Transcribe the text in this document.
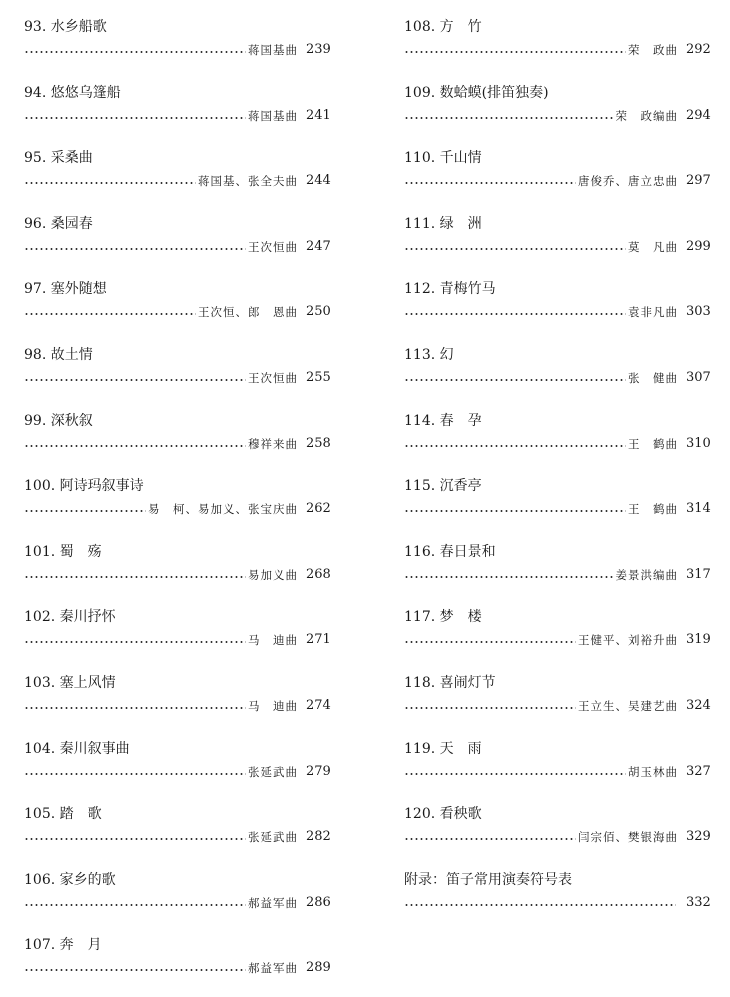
93. 水乡船歌
蒋国基曲 239
94. 悠悠乌篷船
蒋国基曲 241
95. 采桑曲
蒋国基、张全夫曲 244
96. 桑园春
王次恒曲 247
97. 塞外随想
王次恒、郎　恩曲 250
98. 故土情
王次恒曲 255
99. 深秋叙
穆祥来曲 258
100. 阿诗玛叙事诗
易　柯、易加义、张宝庆曲 262
101. 蜀　殇
易加义曲 268
102. 秦川抒怀
马　迪曲 271
103. 塞上风情
马　迪曲 274
104. 秦川叙事曲
张延武曲 279
105. 踏　歌
张延武曲 282
106. 家乡的歌
郝益军曲 286
107. 奔　月
郝益军曲 289
108. 方　竹
荣　政曲 292
109. 数蛤蟆(排笛独奏)
荣　政编曲 294
110. 千山情
唐俊乔、唐立忠曲 297
111. 绿　洲
莫　凡曲 299
112. 青梅竹马
袁非凡曲 303
113. 幻
张　健曲 307
114. 春　孕
王　鹤曲 310
115. 沉香亭
王　鹤曲 314
116. 春日景和
姜景洪编曲 317
117. 梦　楼
王健平、刘裕升曲 319
118. 喜闹灯节
王立生、吴建艺曲 324
119. 天　雨
胡玉林曲 327
120. 看秧歌
闫宗佰、樊银海曲 329
附录：笛子常用演奏符号表
332
